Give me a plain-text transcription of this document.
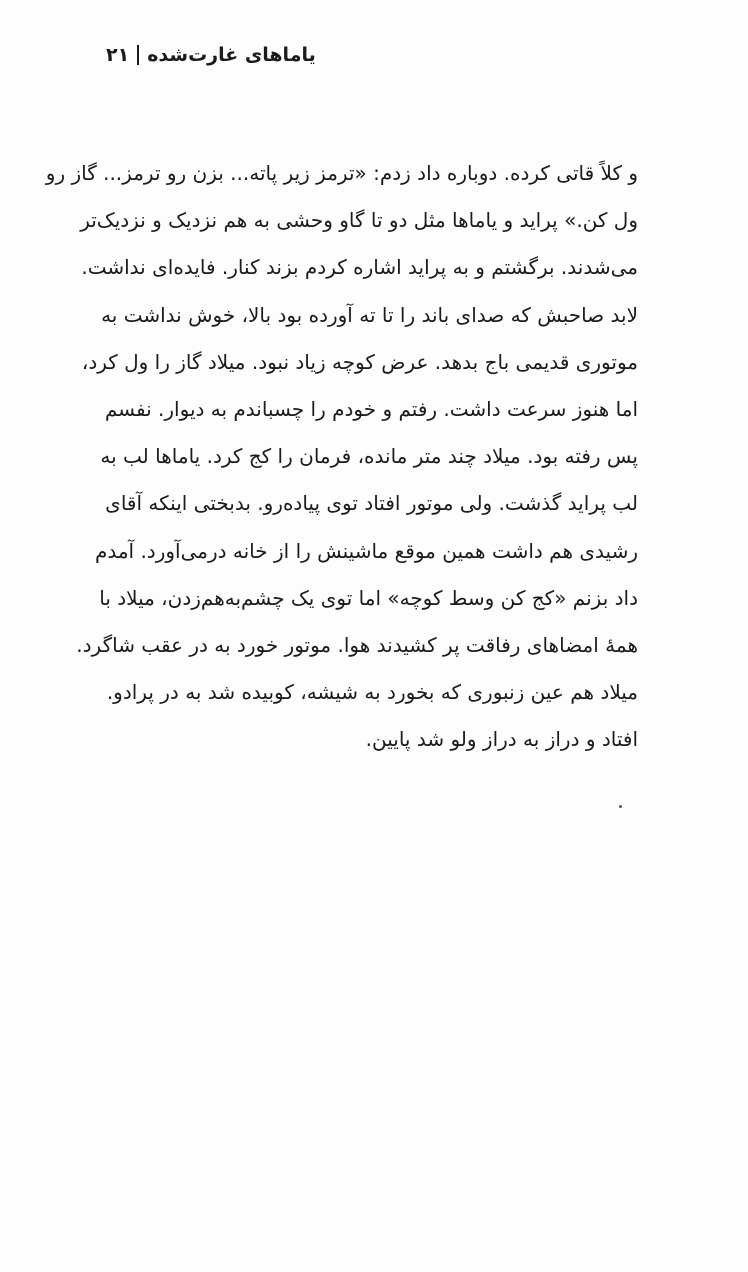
یاماهای غارت‌شده
۲۱
و کلاً قاتی کرده. دوباره داد زدم: «ترمز زیر پاته... بزن رو ترمز... گاز رو
ول کن.» پراید و یاماها مثل دو تا گاو وحشی به هم نزدیک و نزدیک‌تر
می‌شدند. برگشتم و به پراید اشاره کردم بزند کنار. فایده‌ای نداشت.
لابد صاحبش که صدای باند را تا ته آورده بود بالا، خوش نداشت به
موتوری قدیمی باج بدهد. عرض کوچه زیاد نبود. میلاد گاز را ول کرد،
اما هنوز سرعت داشت. رفتم و خودم را چسباندم به دیوار. نفسم
پس رفته بود. میلاد چند متر مانده، فرمان را کج کرد. یاماها لب به
لب پراید گذشت. ولی موتور افتاد توی پیاده‌رو. بدبختی اینکه آقای
رشیدی هم داشت همین موقع ماشینش را از خانه درمی‌آورد. آمدم
داد بزنم «کج کن وسط کوچه» اما توی یک چشم‌به‌هم‌زدن، میلاد با
همهٔ امضاهای رفاقت پر کشیدند هوا. موتور خورد به در عقب شاگرد.
میلاد هم عین زنبوری که بخورد به شیشه، کوبیده شد به در پرادو.
افتاد و دراز به دراز ولو شد پایین.
